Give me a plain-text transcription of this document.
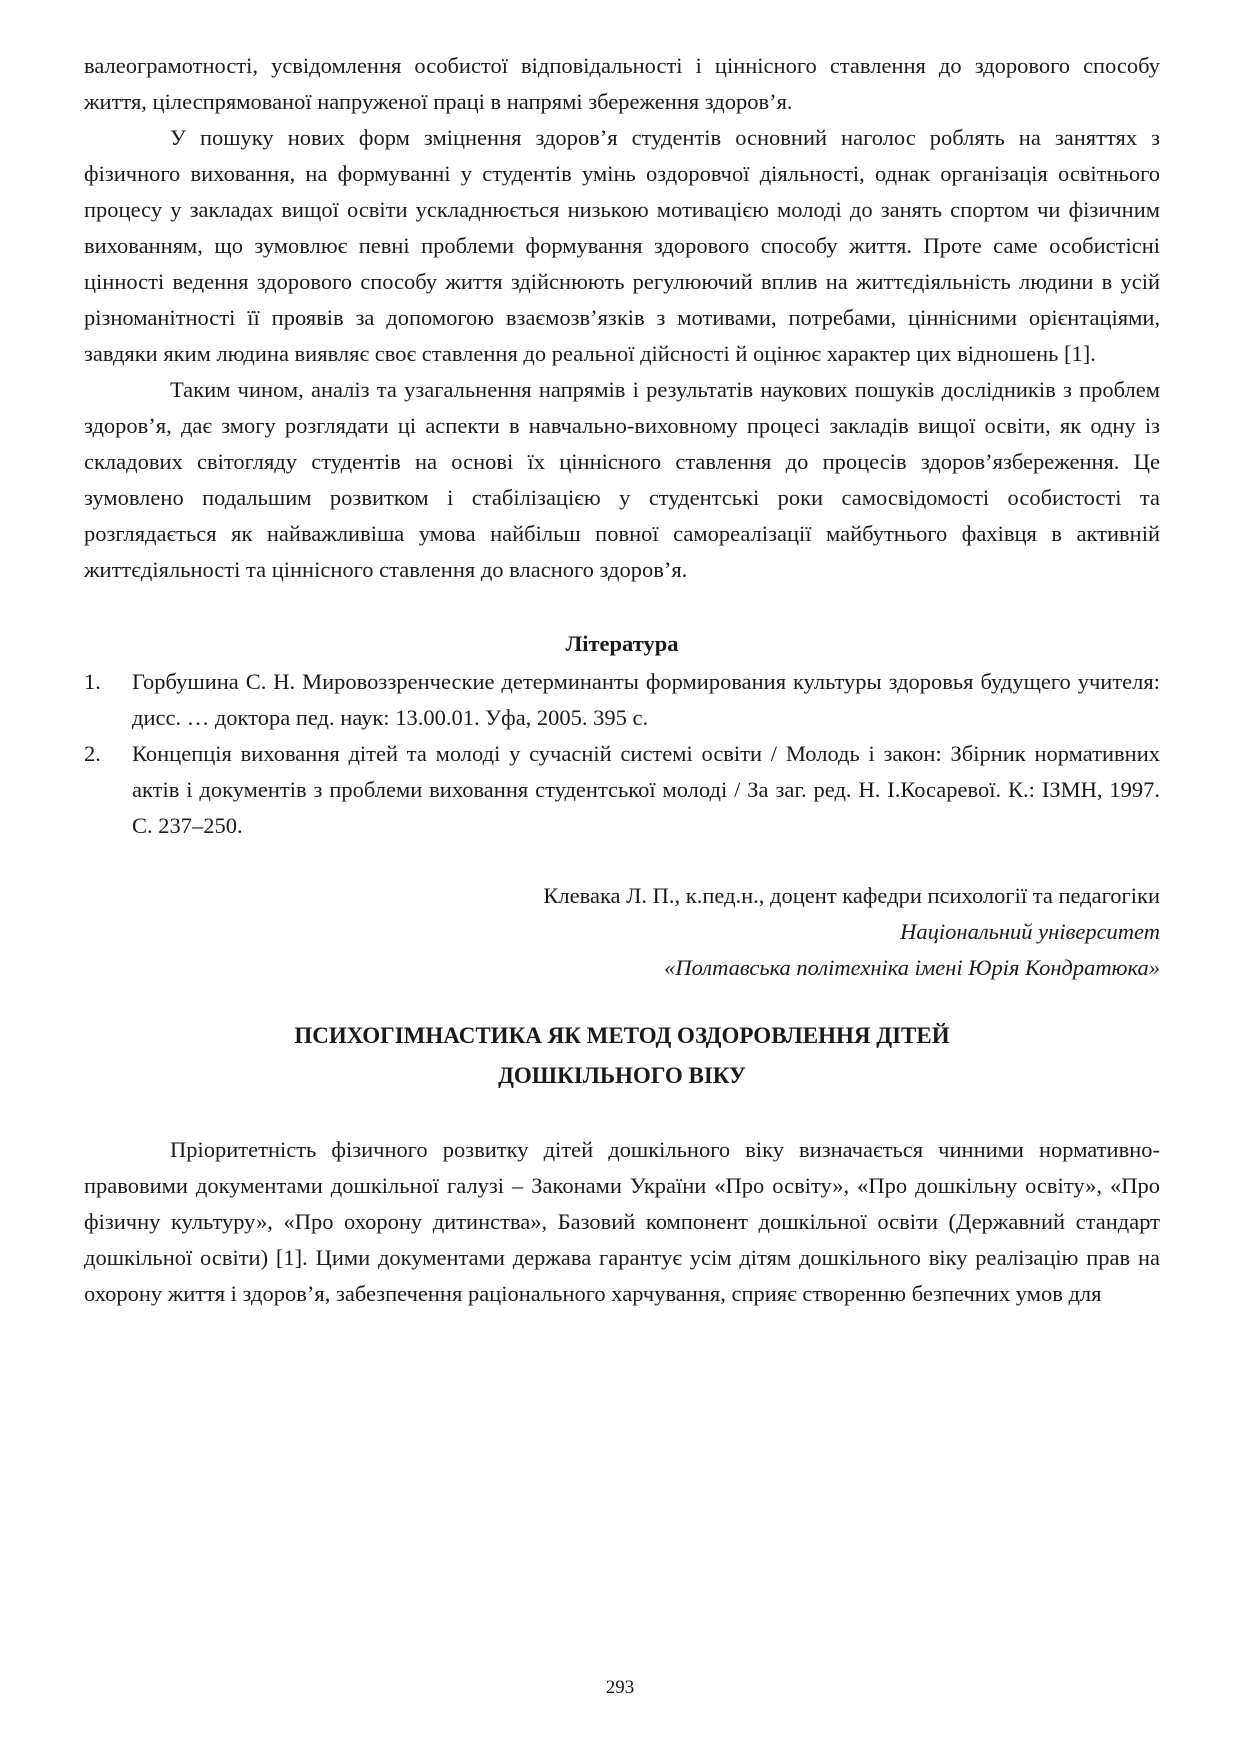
валеограмотності, усвідомлення особистої відповідальності і ціннісного ставлення до здорового способу життя, цілеспрямованої напруженої праці в напрямі збереження здоров’я.

У пошуку нових форм зміцнення здоров’я студентів основний наголос роблять на заняттях з фізичного виховання, на формуванні у студентів умінь оздоровчої діяльності, однак організація освітнього процесу у закладах вищої освіти ускладнюється низькою мотивацією молоді до занять спортом чи фізичним вихованням, що зумовлює певні проблеми формування здорового способу життя. Проте саме особистісні цінності ведення здорового способу життя здійснюють регулюючий вплив на життєдіяльність людини в усій різноманітності її проявів за допомогою взаємозв’язків з мотивами, потребами, ціннісними орієнтаціями, завдяки яким людина виявляє своє ставлення до реальної дійсності й оцінює характер цих відношень [1].

Таким чином, аналіз та узагальнення напрямів і результатів наукових пошуків дослідників з проблем здоров’я, дає змогу розглядати ці аспекти в навчально-виховному процесі закладів вищої освіти, як одну із складових світогляду студентів на основі їх ціннісного ставлення до процесів здоров’язбереження. Це зумовлено подальшим розвитком і стабілізацією у студентські роки самосвідомості особистості та розглядається як найважливіша умова найбільш повної самореалізації майбутнього фахівця в активній життєдіяльності та ціннісного ставлення до власного здоров’я.

Література
1. Горбушина С. Н. Мировоззренческие детерминанты формирования культуры здоровья будущего учителя: дисс. … доктора пед. наук: 13.00.01. Уфа, 2005. 395 с.
2. Концепція виховання дітей та молоді у сучасній системі освіти / Молодь і закон: Збірник нормативних актів і документів з проблеми виховання студентської молоді / За заг. ред. Н. І.Косаревої. К.: ІЗМН, 1997. С. 237–250.
Клевака Л. П., к.пед.н., доцент кафедри психології та педагогіки
Національний університет
«Полтавська політехніка імені Юрія Кондратюка»
ПСИХОГІМНАСТИКА ЯК МЕТОД ОЗДОРОВЛЕННЯ ДІТЕЙ
ДОШКІЛЬНОГО ВІКУ

Пріоритетність фізичного розвитку дітей дошкільного віку визначається чинними нормативно-правовими документами дошкільної галузі – Законами України «Про освіту», «Про дошкільну освіту», «Про фізичну культуру», «Про охорону дитинства», Базовий компонент дошкільної освіти (Державний стандарт дошкільної освіти) [1]. Цими документами держава гарантує усім дітям дошкільного віку реалізацію прав на охорону життя і здоров’я, забезпечення раціонального харчування, сприяє створенню безпечних умов для

293
